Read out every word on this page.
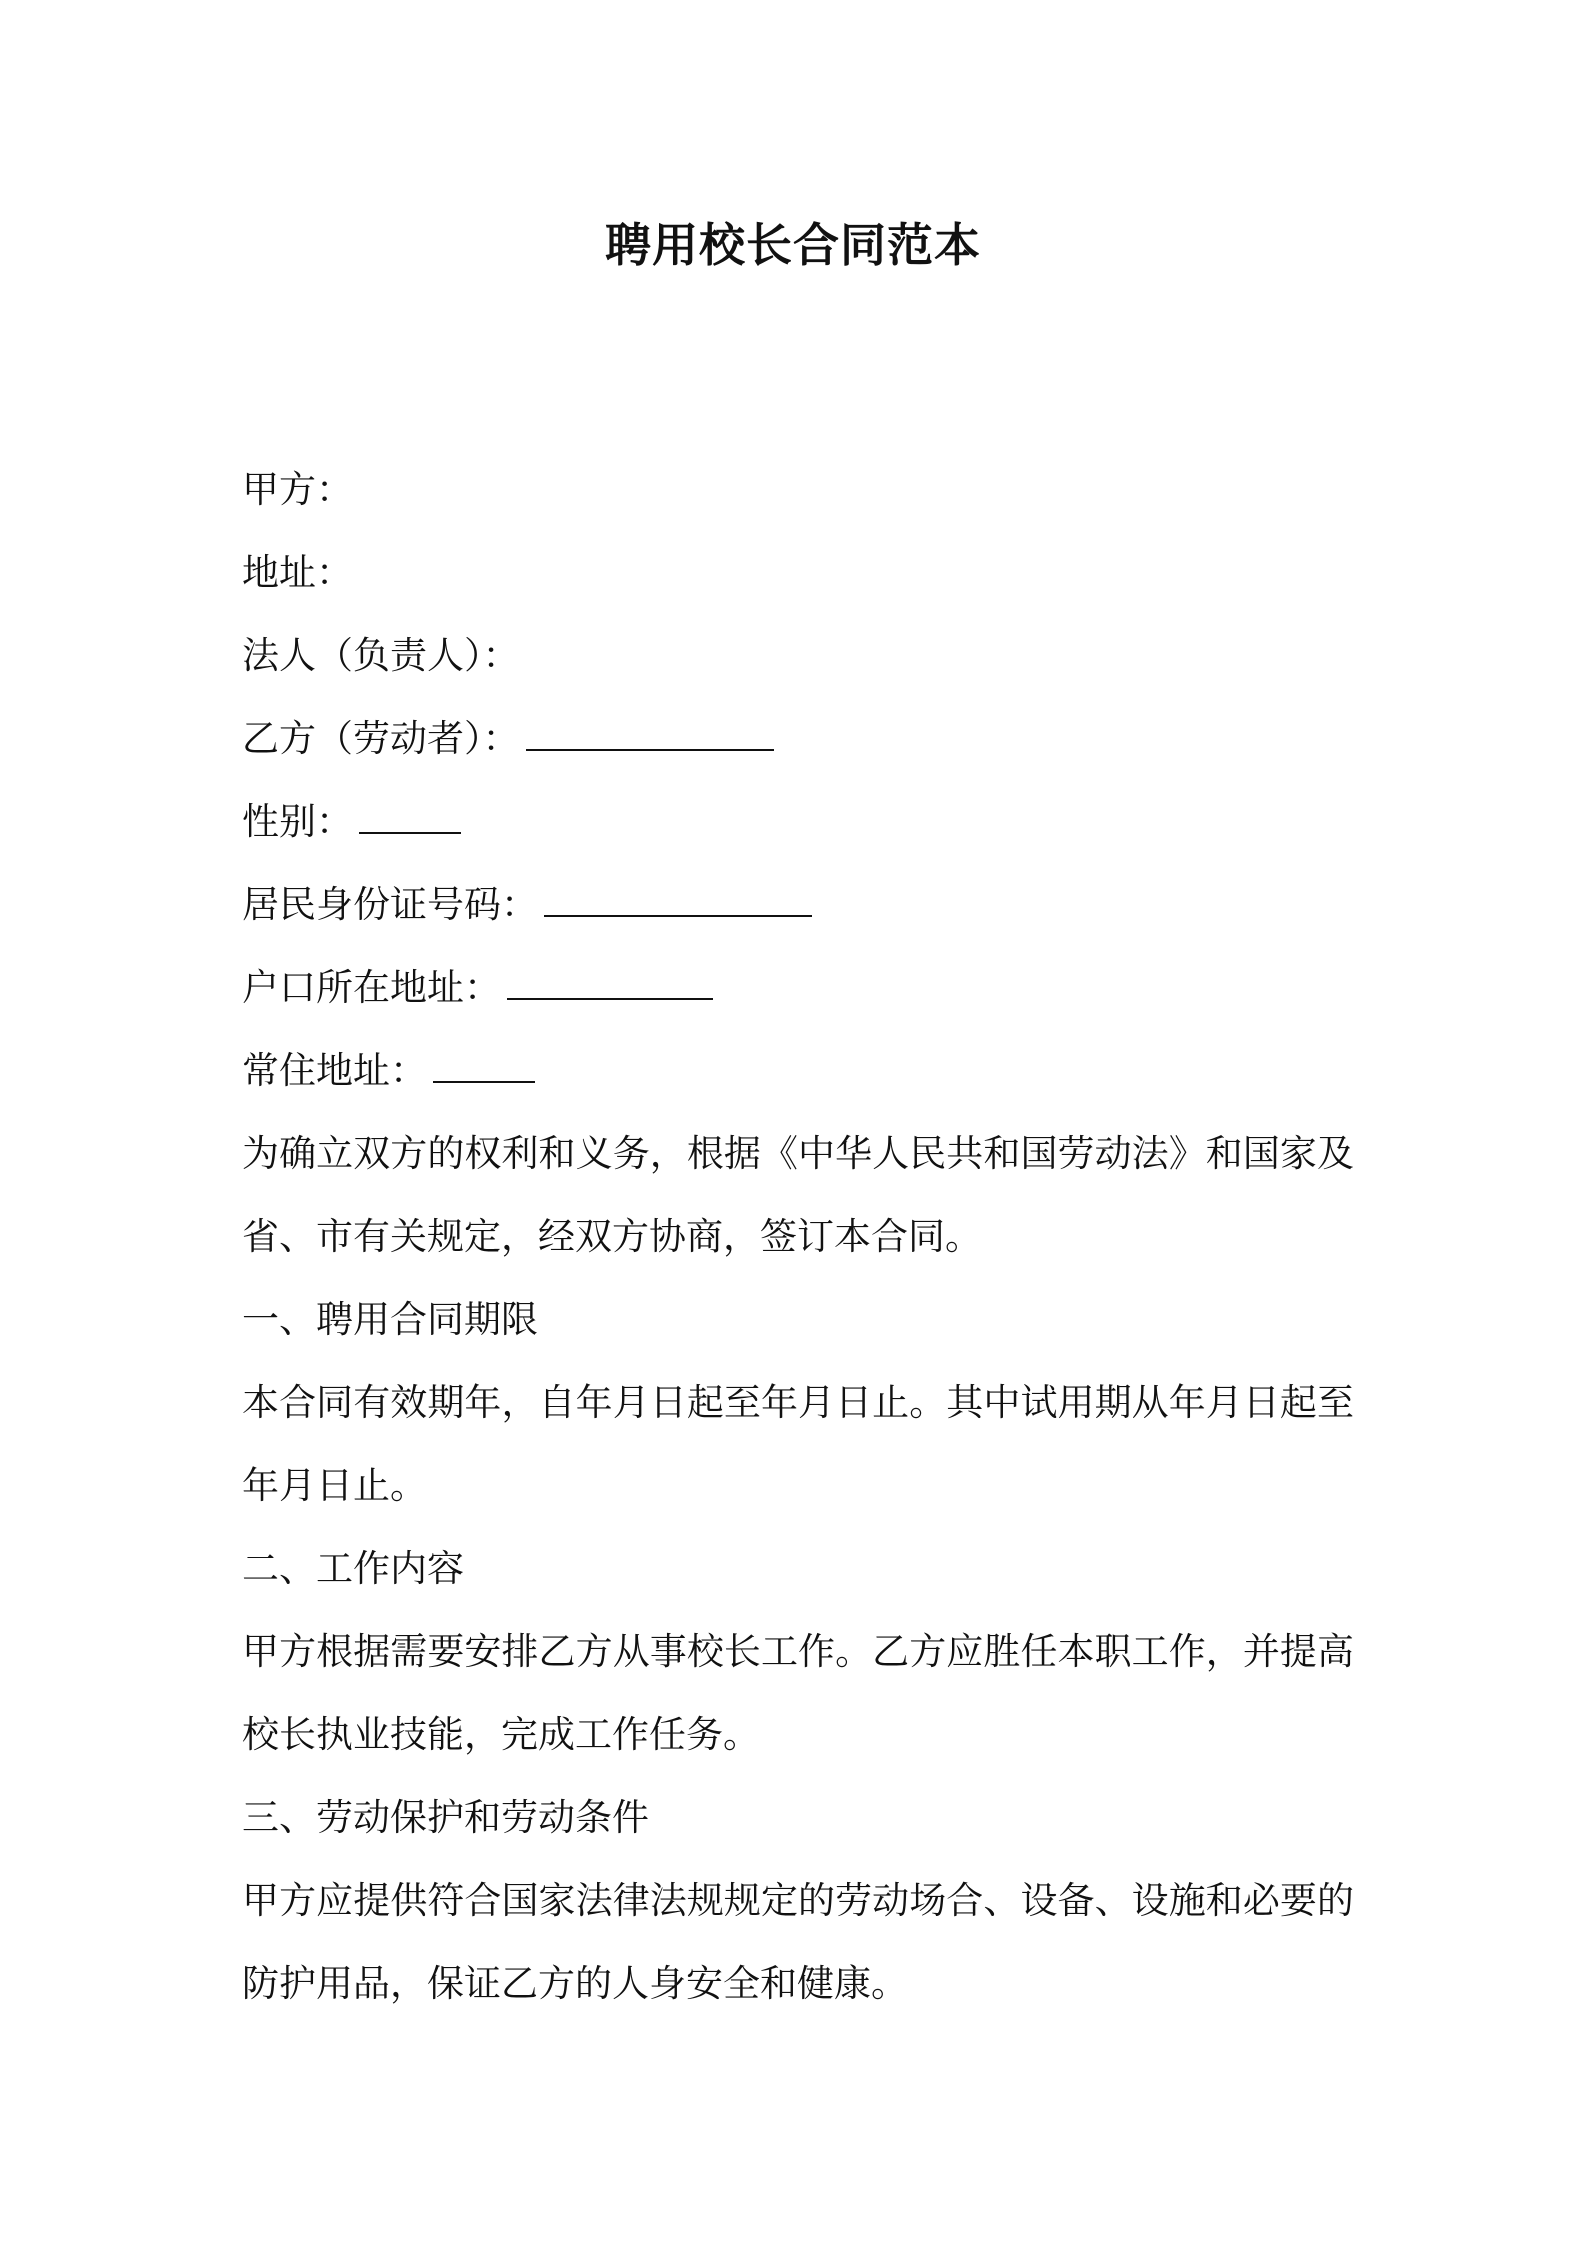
聘用校长合同范本
甲方：
地址：
法人（负责人）：
乙方（劳动者）：
性别：
居民身份证号码：
户口所在地址：
常住地址：
为确立双方的权利和义务，根据《中华人民共和国劳动法》和国家及省、市有关规定，经双方协商，签订本合同。
一、聘用合同期限
本合同有效期年，自年月日起至年月日止。其中试用期从年月日起至年月日止。
二、工作内容
甲方根据需要安排乙方从事校长工作。乙方应胜任本职工作，并提高校长执业技能，完成工作任务。
三、劳动保护和劳动条件
甲方应提供符合国家法律法规规定的劳动场合、设备、设施和必要的防护用品，保证乙方的人身安全和健康。
